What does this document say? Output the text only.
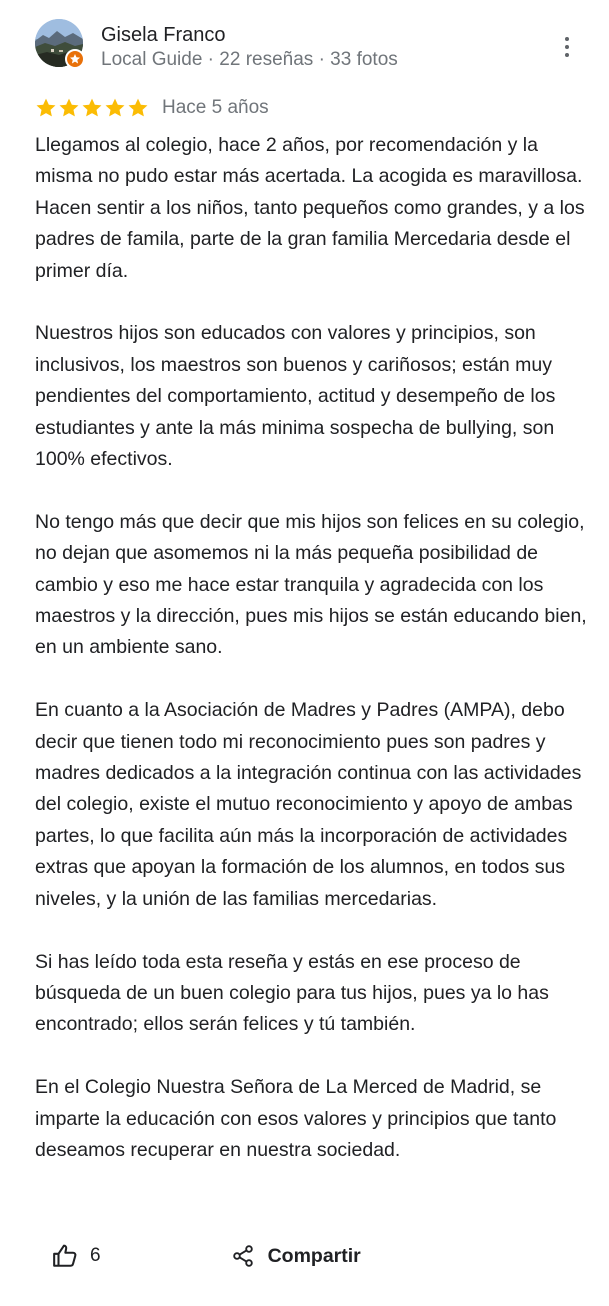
Gisela Franco
Local Guide · 22 reseñas · 33 fotos
Hace 5 años

Llegamos al colegio, hace 2 años, por recomendación y la misma no pudo estar más acertada. La acogida es maravillosa. Hacen sentir a los niños, tanto pequeños como grandes, y a los padres de famila, parte de la gran familia Mercedaria desde el primer día.

Nuestros hijos son educados con valores y principios, son inclusivos, los maestros son buenos y cariñosos; están muy pendientes del comportamiento, actitud y desempeño de los estudiantes y ante la más minima sospecha de bullying, son 100% efectivos.

No tengo más que decir que mis hijos son felices en su colegio, no dejan que asomemos ni la más pequeña posibilidad de cambio y eso me hace estar tranquila y agradecida con los maestros y la dirección, pues mis hijos se están educando bien, en un ambiente sano.

En cuanto a la Asociación de Madres y Padres (AMPA), debo decir que tienen todo mi reconocimiento pues son padres y madres dedicados a la integración continua con las actividades del colegio, existe el mutuo reconocimiento y apoyo de ambas partes, lo que facilita aún más la incorporación de actividades extras que apoyan la formación de los alumnos, en todos sus niveles, y la unión de las familias mercedarias.

Si has leído toda esta reseña y estás en ese proceso de búsqueda de un buen colegio para tus hijos, pues ya lo has encontrado; ellos serán felices y tú también.

En el Colegio Nuestra Señora de La Merced de Madrid, se imparte la educación con esos valores y principios que tanto deseamos recuperar en nuestra sociedad.

6	Compartir
